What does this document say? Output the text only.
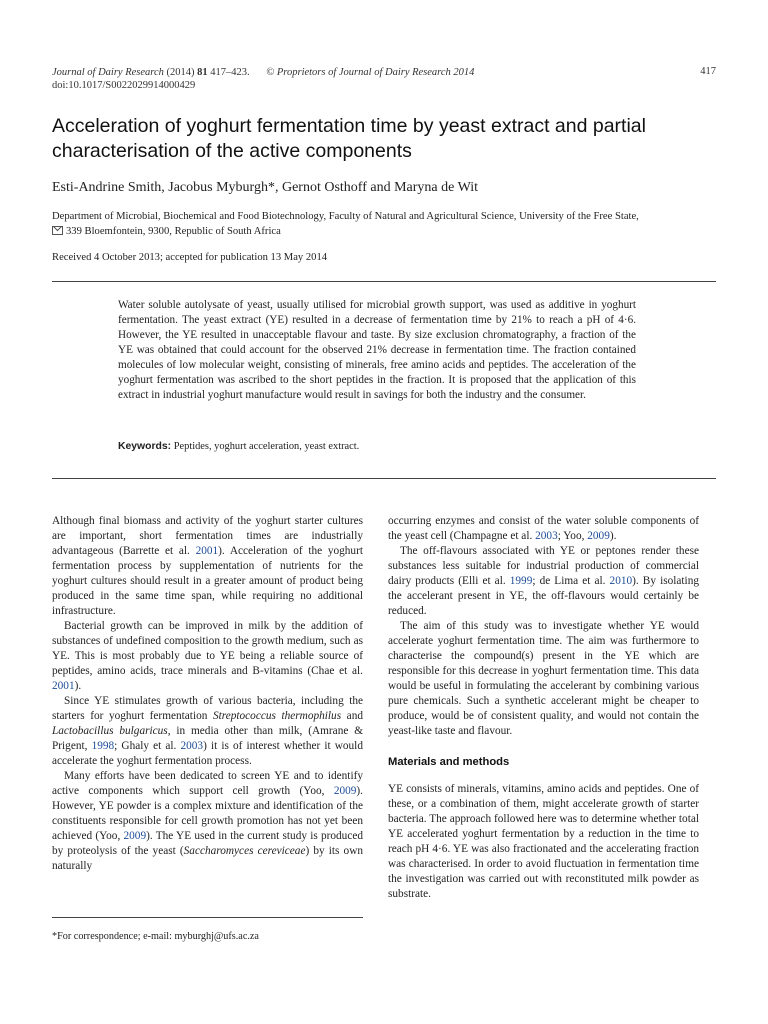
Journal of Dairy Research (2014) 81 417–423. © Proprietors of Journal of Dairy Research 2014
doi:10.1017/S0022029914000429
417
Acceleration of yoghurt fermentation time by yeast extract and partial characterisation of the active components
Esti-Andrine Smith, Jacobus Myburgh*, Gernot Osthoff and Maryna de Wit
Department of Microbial, Biochemical and Food Biotechnology, Faculty of Natural and Agricultural Science, University of the Free State,
339 Bloemfontein, 9300, Republic of South Africa
Received 4 October 2013; accepted for publication 13 May 2014

Water soluble autolysate of yeast, usually utilised for microbial growth support, was used as additive in yoghurt fermentation. The yeast extract (YE) resulted in a decrease of fermentation time by 21% to reach a pH of 4·6. However, the YE resulted in unacceptable flavour and taste. By size exclusion chromatography, a fraction of the YE was obtained that could account for the observed 21% decrease in fermentation time. The fraction contained molecules of low molecular weight, consisting of minerals, free amino acids and peptides. The acceleration of the yoghurt fermentation was ascribed to the short peptides in the fraction. It is proposed that the application of this extract in industrial yoghurt manufacture would result in savings for both the industry and the consumer.

Keywords: Peptides, yoghurt acceleration, yeast extract.

Although final biomass and activity of the yoghurt starter cultures are important, short fermentation times are industrially advantageous (Barrette et al. 2001). Acceleration of the yoghurt fermentation process by supplementation of nutrients for the yoghurt cultures should result in a greater amount of product being produced in the same time span, while requiring no additional infrastructure.

Bacterial growth can be improved in milk by the addition of substances of undefined composition to the growth medium, such as YE. This is most probably due to YE being a reliable source of peptides, amino acids, trace minerals and B-vitamins (Chae et al. 2001).

Since YE stimulates growth of various bacteria, including the starters for yoghurt fermentation Streptococcus thermophilus and Lactobacillus bulgaricus, in media other than milk, (Amrane & Prigent, 1998; Ghaly et al. 2003) it is of interest whether it would accelerate the yoghurt fermentation process.

Many efforts have been dedicated to screen YE and to identify active components which support cell growth (Yoo, 2009). However, YE powder is a complex mixture and identification of the constituents responsible for cell growth promotion has not yet been achieved (Yoo, 2009). The YE used in the current study is produced by proteolysis of the yeast (Saccharomyces cereviceae) by its own naturally

occurring enzymes and consist of the water soluble components of the yeast cell (Champagne et al. 2003; Yoo, 2009).

The off-flavours associated with YE or peptones render these substances less suitable for industrial production of commercial dairy products (Elli et al. 1999; de Lima et al. 2010). By isolating the accelerant present in YE, the off-flavours would certainly be reduced.

The aim of this study was to investigate whether YE would accelerate yoghurt fermentation time. The aim was furthermore to characterise the compound(s) present in the YE which are responsible for this decrease in yoghurt fermentation time. This data would be useful in formulating the accelerant by combining various pure chemicals. Such a synthetic accelerant might be cheaper to produce, would be of consistent quality, and would not contain the yeast-like taste and flavour.

Materials and methods

YE consists of minerals, vitamins, amino acids and peptides. One of these, or a combination of them, might accelerate growth of starter bacteria. The approach followed here was to determine whether total YE accelerated yoghurt fermentation by a reduction in the time to reach pH 4·6. YE was also fractionated and the accelerating fraction was characterised. In order to avoid fluctuation in fermentation time the investigation was carried out with reconstituted milk powder as substrate.

*For correspondence; e-mail: myburghj@ufs.ac.za
